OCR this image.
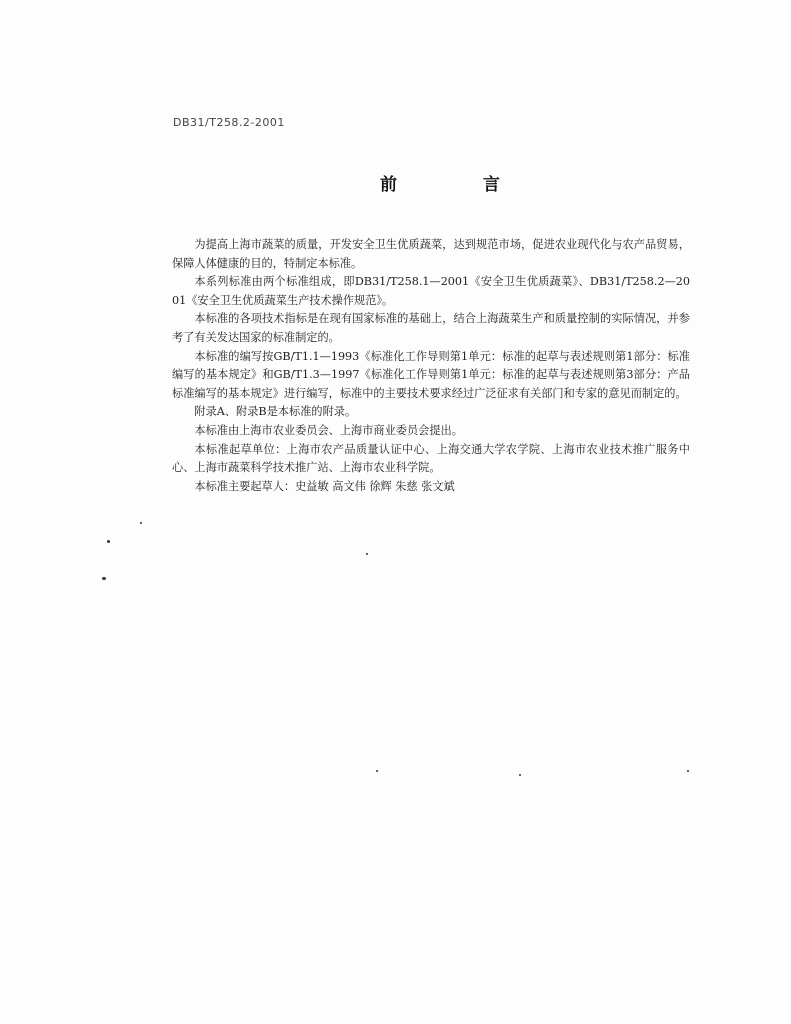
DB31/T258.2-2001
前 言

为提高上海市蔬菜的质量，开发安全卫生优质蔬菜，达到规范市场，促进农业现代化与农产品贸易，保障人体健康的目的，特制定本标准。

本系列标准由两个标准组成，即DB31/T258.1—2001《安全卫生优质蔬菜》、DB31/T258.2—2001《安全卫生优质蔬菜生产技术操作规范》。

本标准的各项技术指标是在现有国家标准的基础上，结合上海蔬菜生产和质量控制的实际情况，并参考了有关发达国家的标准制定的。

本标准的编写按GB/T1.1—1993《标准化工作导则第1单元：标准的起草与表述规则第1部分：标准编写的基本规定》和GB/T1.3—1997《标准化工作导则第1单元：标准的起草与表述规则第3部分：产品标准编写的基本规定》进行编写，标准中的主要技术要求经过广泛征求有关部门和专家的意见而制定的。

附录A、附录B是本标准的附录。

本标准由上海市农业委员会、上海市商业委员会提出。

本标准起草单位：上海市农产品质量认证中心、上海交通大学农学院、上海市农业技术推广服务中心、上海市蔬菜科学技术推广站、上海市农业科学院。

本标准主要起草人：史益敏 高文伟 徐辉 朱慈 张文斌
